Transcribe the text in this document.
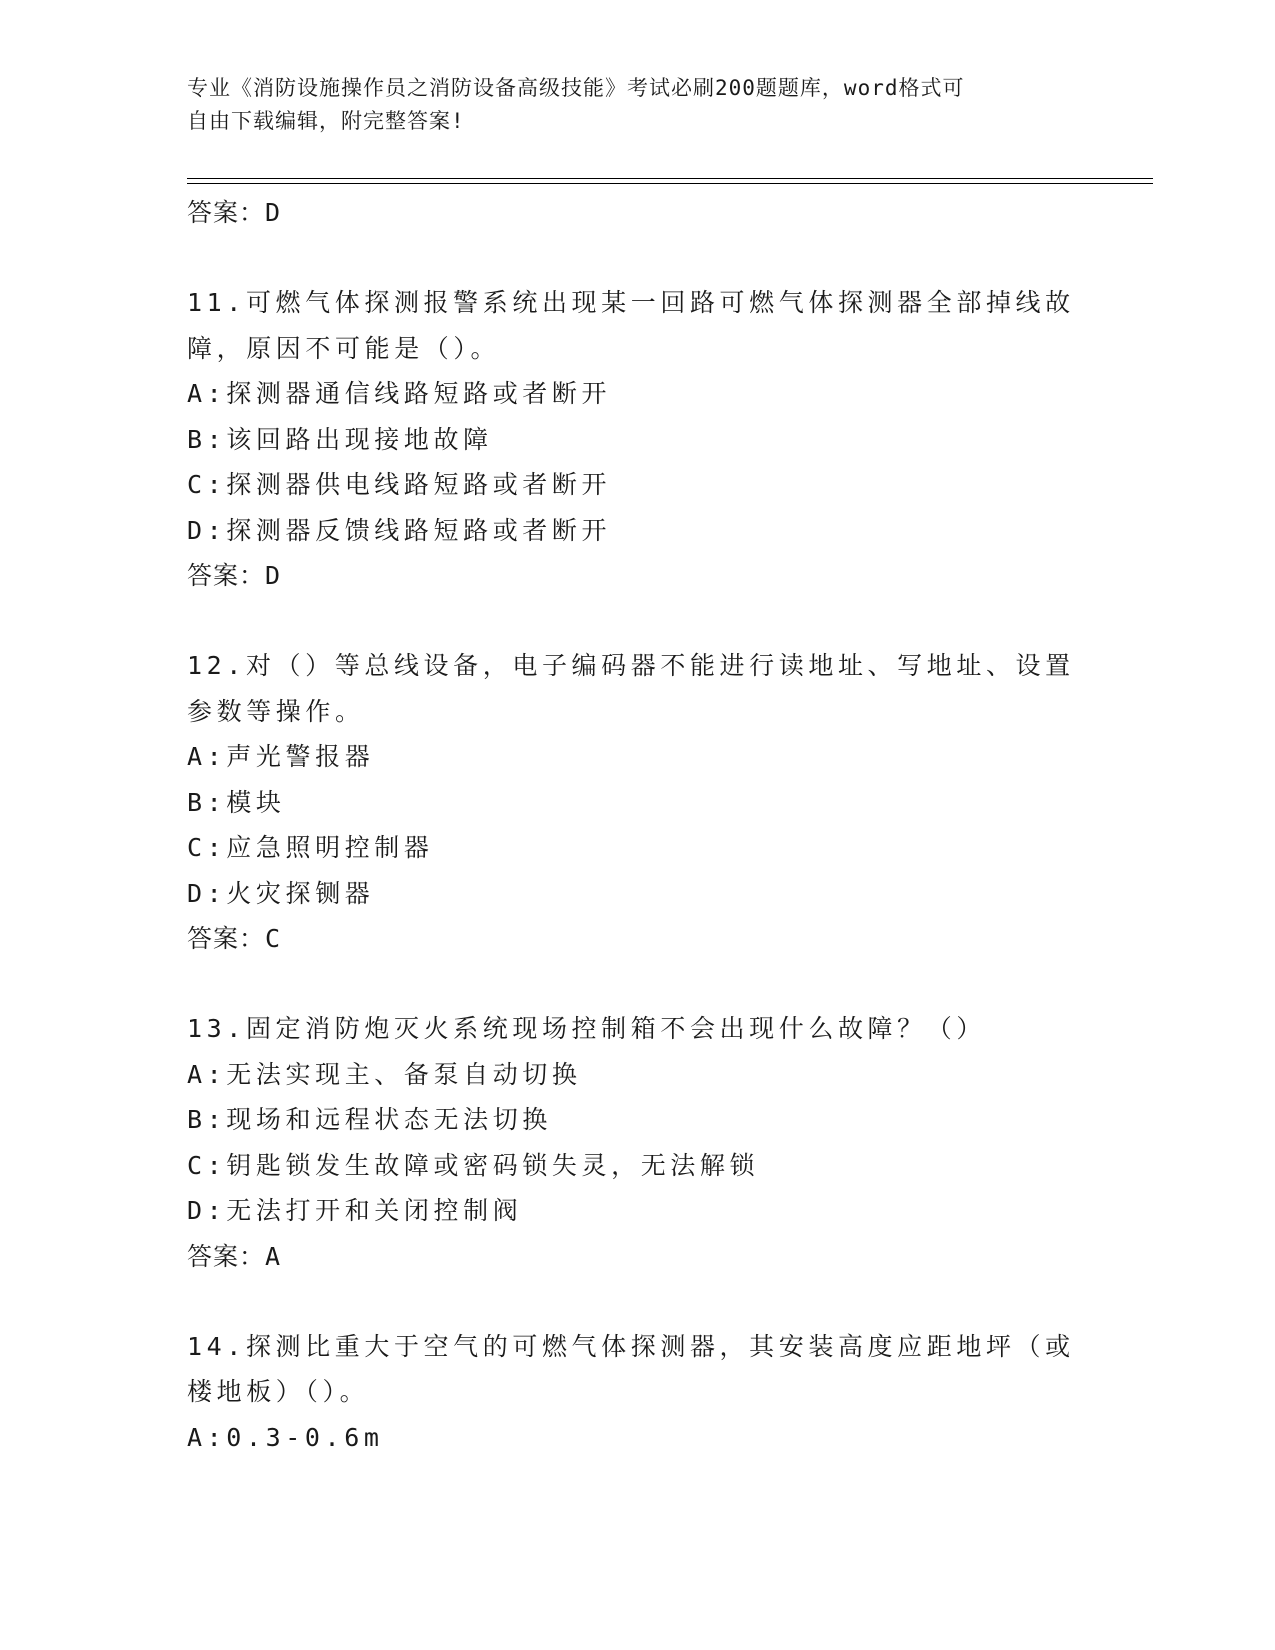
专业《消防设施操作员之消防设备高级技能》考试必刷200题题库，word格式可
自由下载编辑，附完整答案!
答案：D
11.可燃气体探测报警系统出现某一回路可燃气体探测器全部掉线故障，原因不可能是（）。
A:探测器通信线路短路或者断开
B:该回路出现接地故障
C:探测器供电线路短路或者断开
D:探测器反馈线路短路或者断开
答案：D
12.对（）等总线设备，电子编码器不能进行读地址、写地址、设置参数等操作。
A:声光警报器
B:模块
C:应急照明控制器
D:火灾探铡器
答案：C
13.固定消防炮灭火系统现场控制箱不会出现什么故障？（）
A:无法实现主、备泵自动切换
B:现场和远程状态无法切换
C:钥匙锁发生故障或密码锁失灵，无法解锁
D:无法打开和关闭控制阀
答案：A
14.探测比重大于空气的可燃气体探测器，其安装高度应距地坪（或楼地板）（）。
A:0.3-0.6m
